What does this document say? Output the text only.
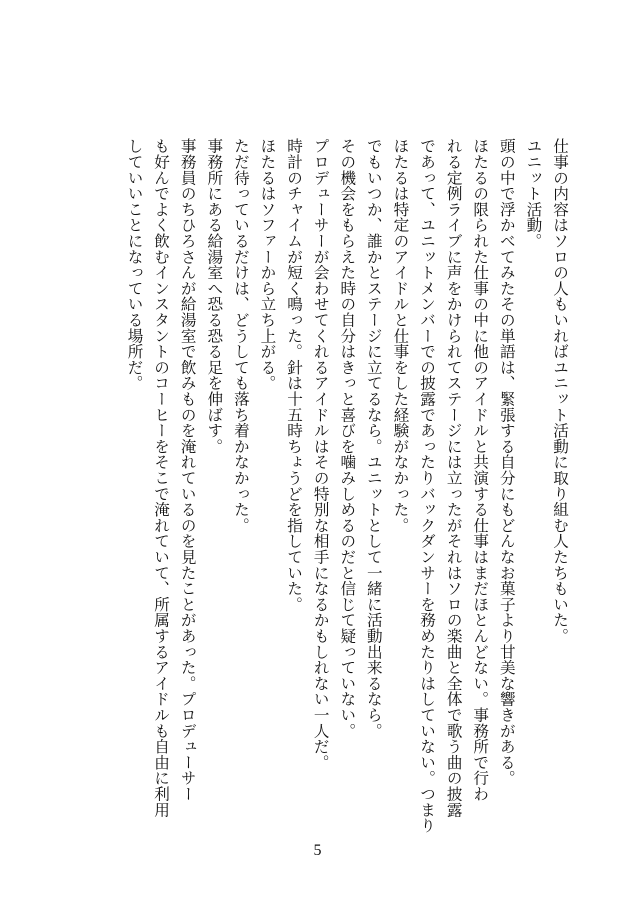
仕事の内容はソロの人もいればユニット活動に取り組む人たちもいた。
ユニット活動。
頭の中で浮かべてみたその単語は、緊張する自分にもどんなお菓子より甘美な響きがある。
ほたるの限られた仕事の中に他のアイドルと共演する仕事はまだほとんどない。事務所で行わ
れる定例ライブに声をかけられてステージには立ったがそれはソロの楽曲と全体で歌う曲の披露
であって、ユニットメンバーでの披露であったりバックダンサーを務めたりはしていない。つまり
ほたるは特定のアイドルと仕事をした経験がなかった。
でもいつか、誰かとステージに立てるなら。ユニットとして一緒に活動出来るなら。
その機会をもらえた時の自分はきっと喜びを噛みしめるのだと信じて疑っていない。
プロデューサーが会わせてくれるアイドルはその特別な相手になるかもしれない一人だ。
時計のチャイムが短く鳴った。針は十五時ちょうどを指していた。
ほたるはソファーから立ち上がる。
ただ待っているだけは、どうしても落ち着かなかった。
事務所にある給湯室へ恐る恐る足を伸ばす。
事務員のちひろさんが給湯室で飲みものを淹れているのを見たことがあった。プロデューサー
も好んでよく飲むインスタントのコーヒーをそこで淹れていて、所属するアイドルも自由に利用
していいことになっている場所だ。
5
